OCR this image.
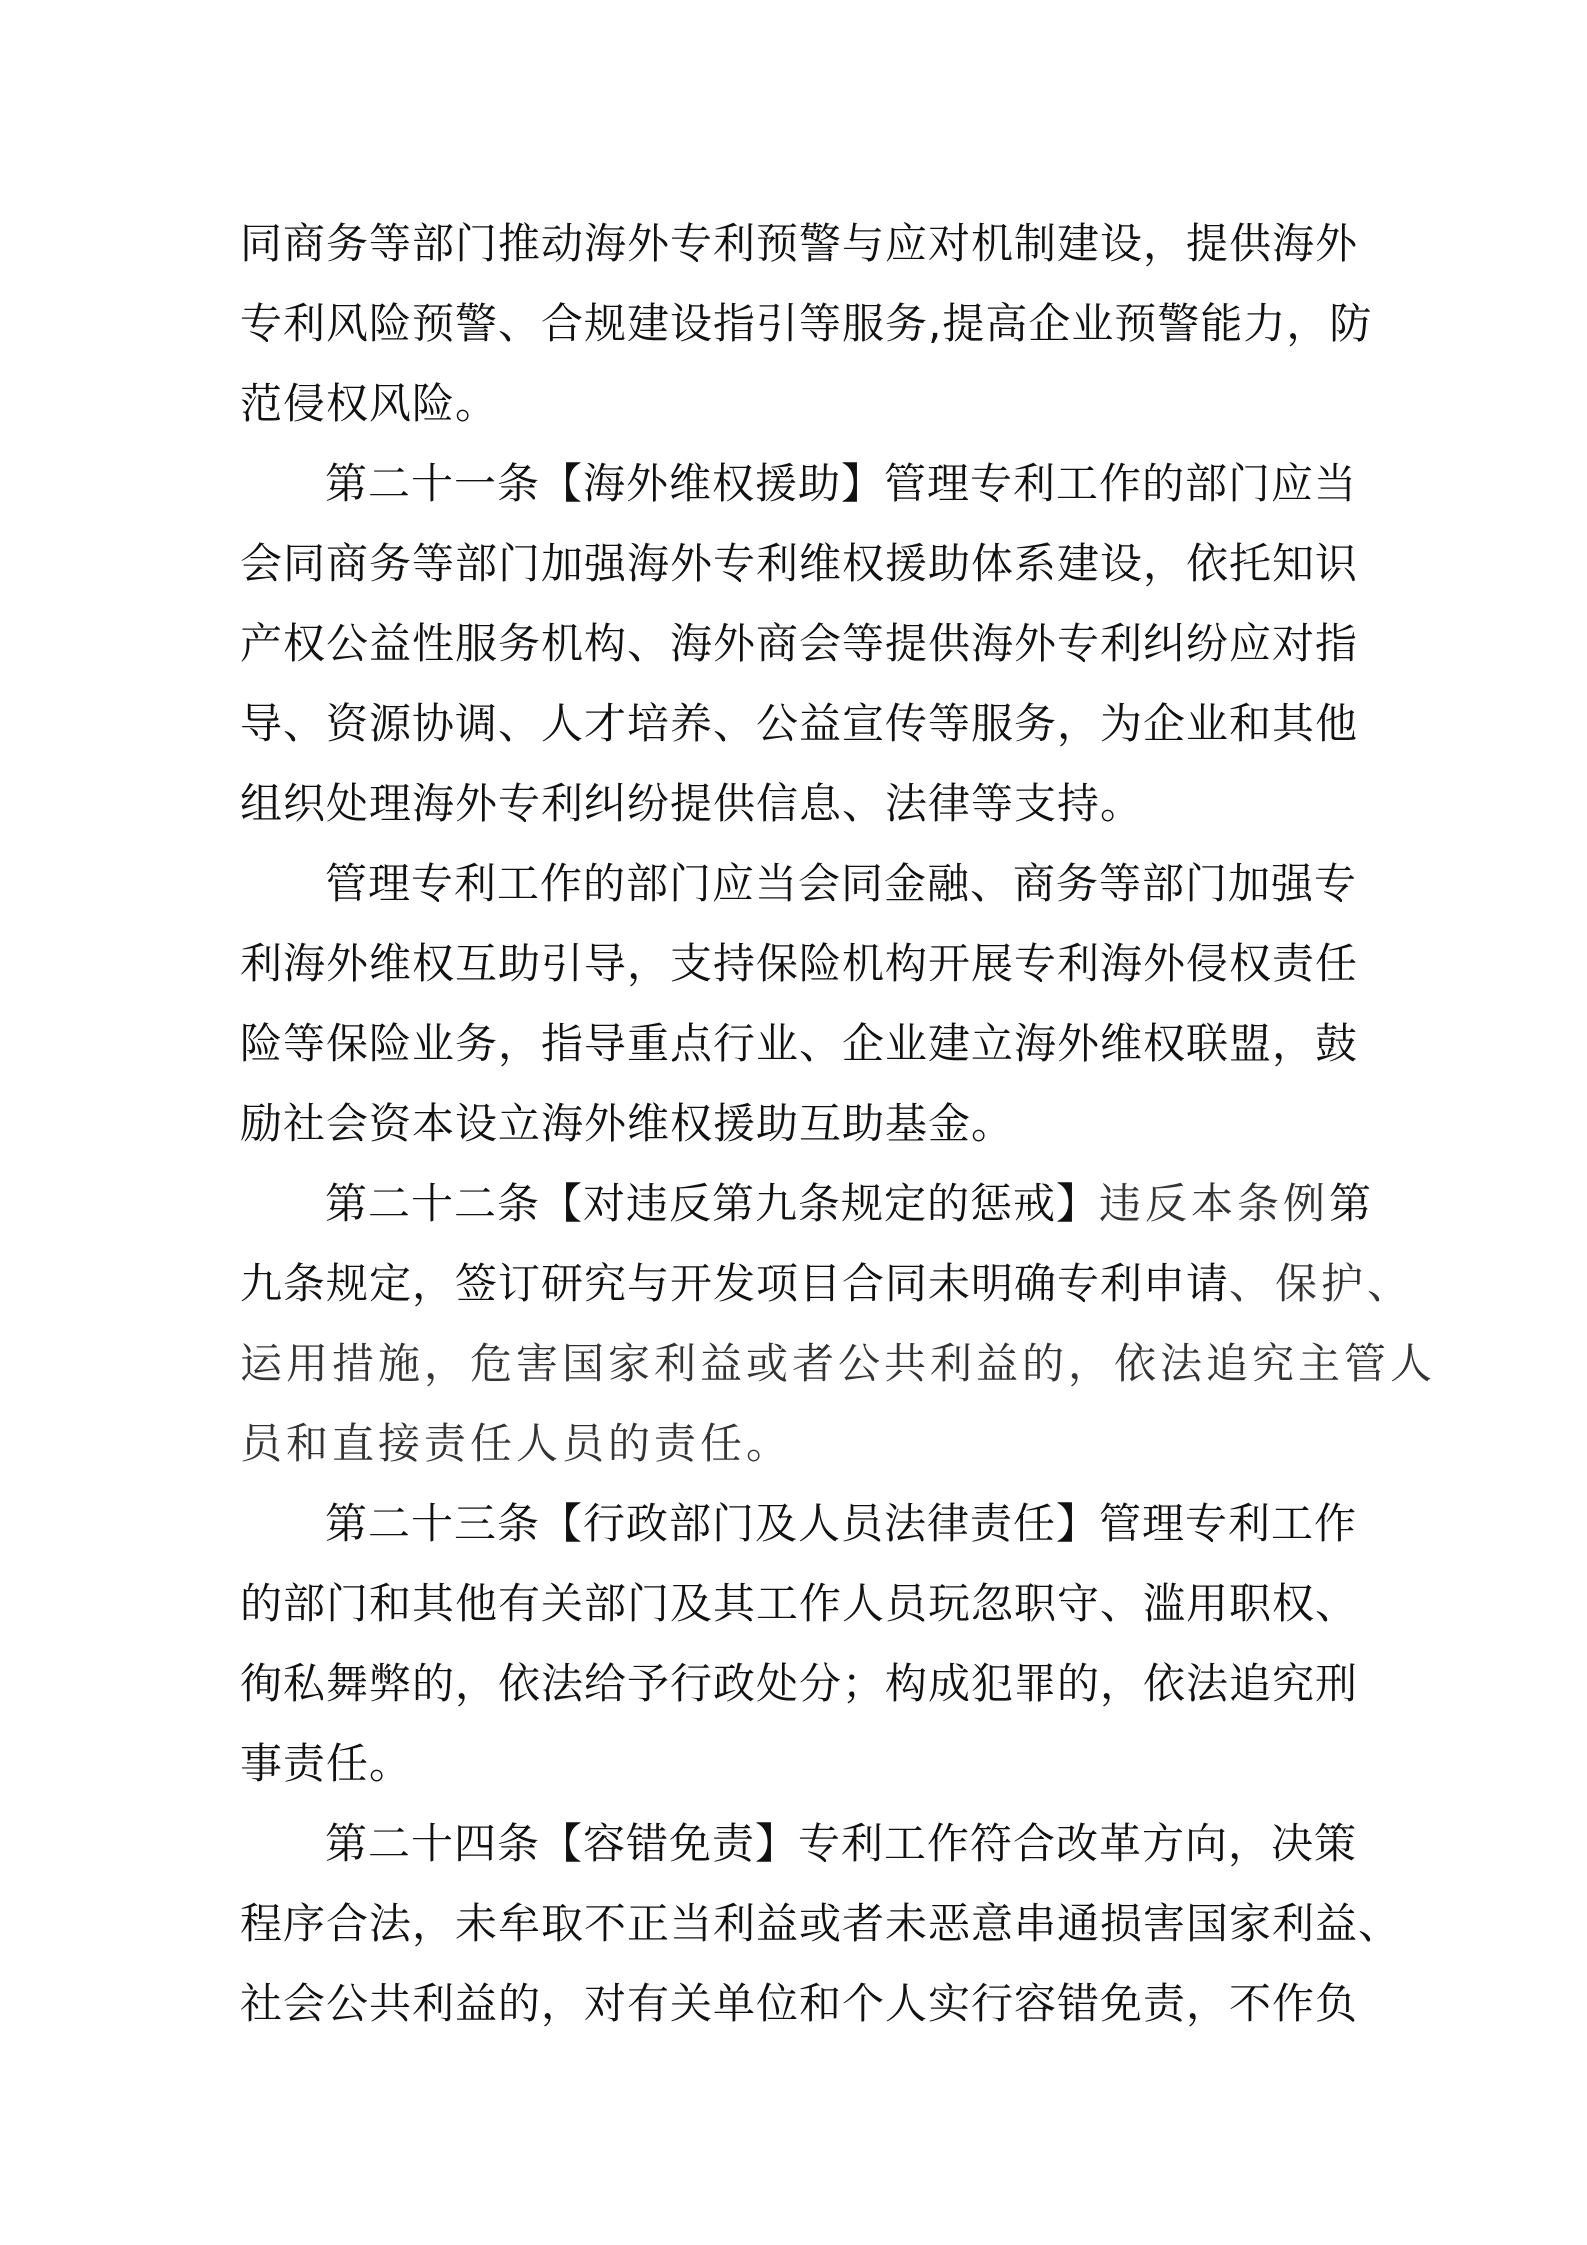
同商务等部门推动海外专利预警与应对机制建设，提供海外
专利风险预警、合规建设指引等服务,提高企业预警能力，防
范侵权风险。
第二十一条【海外维权援助】管理专利工作的部门应当
会同商务等部门加强海外专利维权援助体系建设，依托知识
产权公益性服务机构、海外商会等提供海外专利纠纷应对指
导、资源协调、人才培养、公益宣传等服务，为企业和其他
组织处理海外专利纠纷提供信息、法律等支持。
管理专利工作的部门应当会同金融、商务等部门加强专
利海外维权互助引导，支持保险机构开展专利海外侵权责任
险等保险业务，指导重点行业、企业建立海外维权联盟，鼓
励社会资本设立海外维权援助互助基金。
第二十二条【对违反第九条规定的惩戒】违反本条例第
九条规定，签订研究与开发项目合同未明确专利申请、保护、
运用措施，危害国家利益或者公共利益的，依法追究主管人
员和直接责任人员的责任。
第二十三条【行政部门及人员法律责任】管理专利工作
的部门和其他有关部门及其工作人员玩忽职守、滥用职权、
徇私舞弊的，依法给予行政处分；构成犯罪的，依法追究刑
事责任。
第二十四条【容错免责】专利工作符合改革方向，决策
程序合法，未牟取不正当利益或者未恶意串通损害国家利益、
社会公共利益的，对有关单位和个人实行容错免责，不作负
